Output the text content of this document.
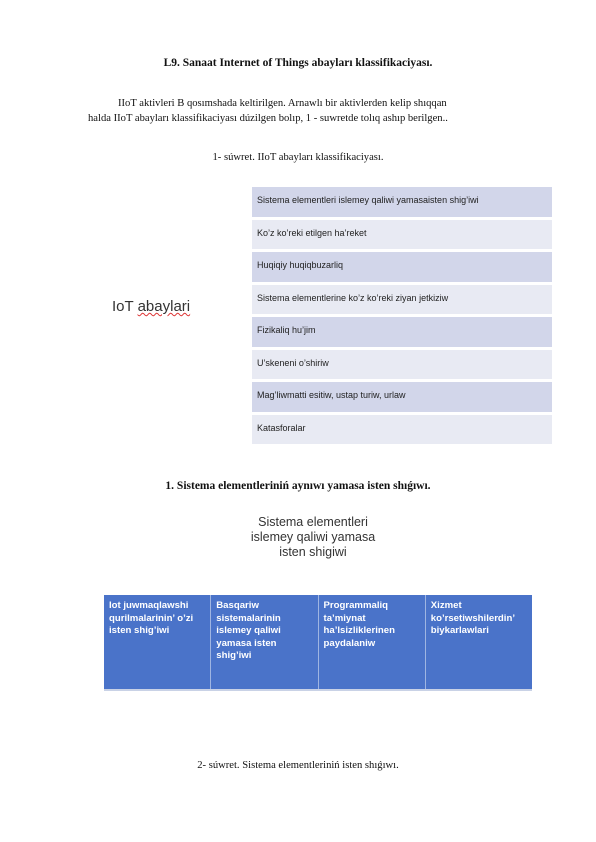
L9. Sanaat Internet of Things abayları klassifikaciyası.
IIoT aktivleri B qosımshada keltirilgen. Arnawlı bir aktivlerden kelip shıqqan
halda IIoT abayları klassifikaciyası dúzilgen bolıp, 1 - suwretde tolıq ashıp berilgen..
1- súwret. IIoT abayları klassifikaciyası.
IoT abaylari
Sistema elementleri islemey qaliwi yamasaisten shig’iwi
Ko’z ko’reki etilgen ha’reket
Huqiqiy huqiqbuzarliq
Sistema elementlerine ko’z ko’reki ziyan jetkiziw
Fizikaliq hu’jim
U’skeneni o’shiriw
Mag’liwmatti esitiw, ustap turiw, urlaw
Katasforalar
1. Sistema elementleriniń aynıwı yamasa isten shıǵıwı.
Sistema elementleri
islemey qaliwi yamasa
isten shigiwi
Iot juwmaqlawshi qurilmalarinin’ o’zi isten shig’iwi
Basqariw sistemalarinin islemey qaliwi yamasa isten shig’iwi
Programmaliq ta’miynat ha’lsizliklerinen paydalaniw
Xizmet ko’rsetiwshilerdin’ biykarlawlari
2- súwret. Sistema elementleriniń isten shıǵıwı.
